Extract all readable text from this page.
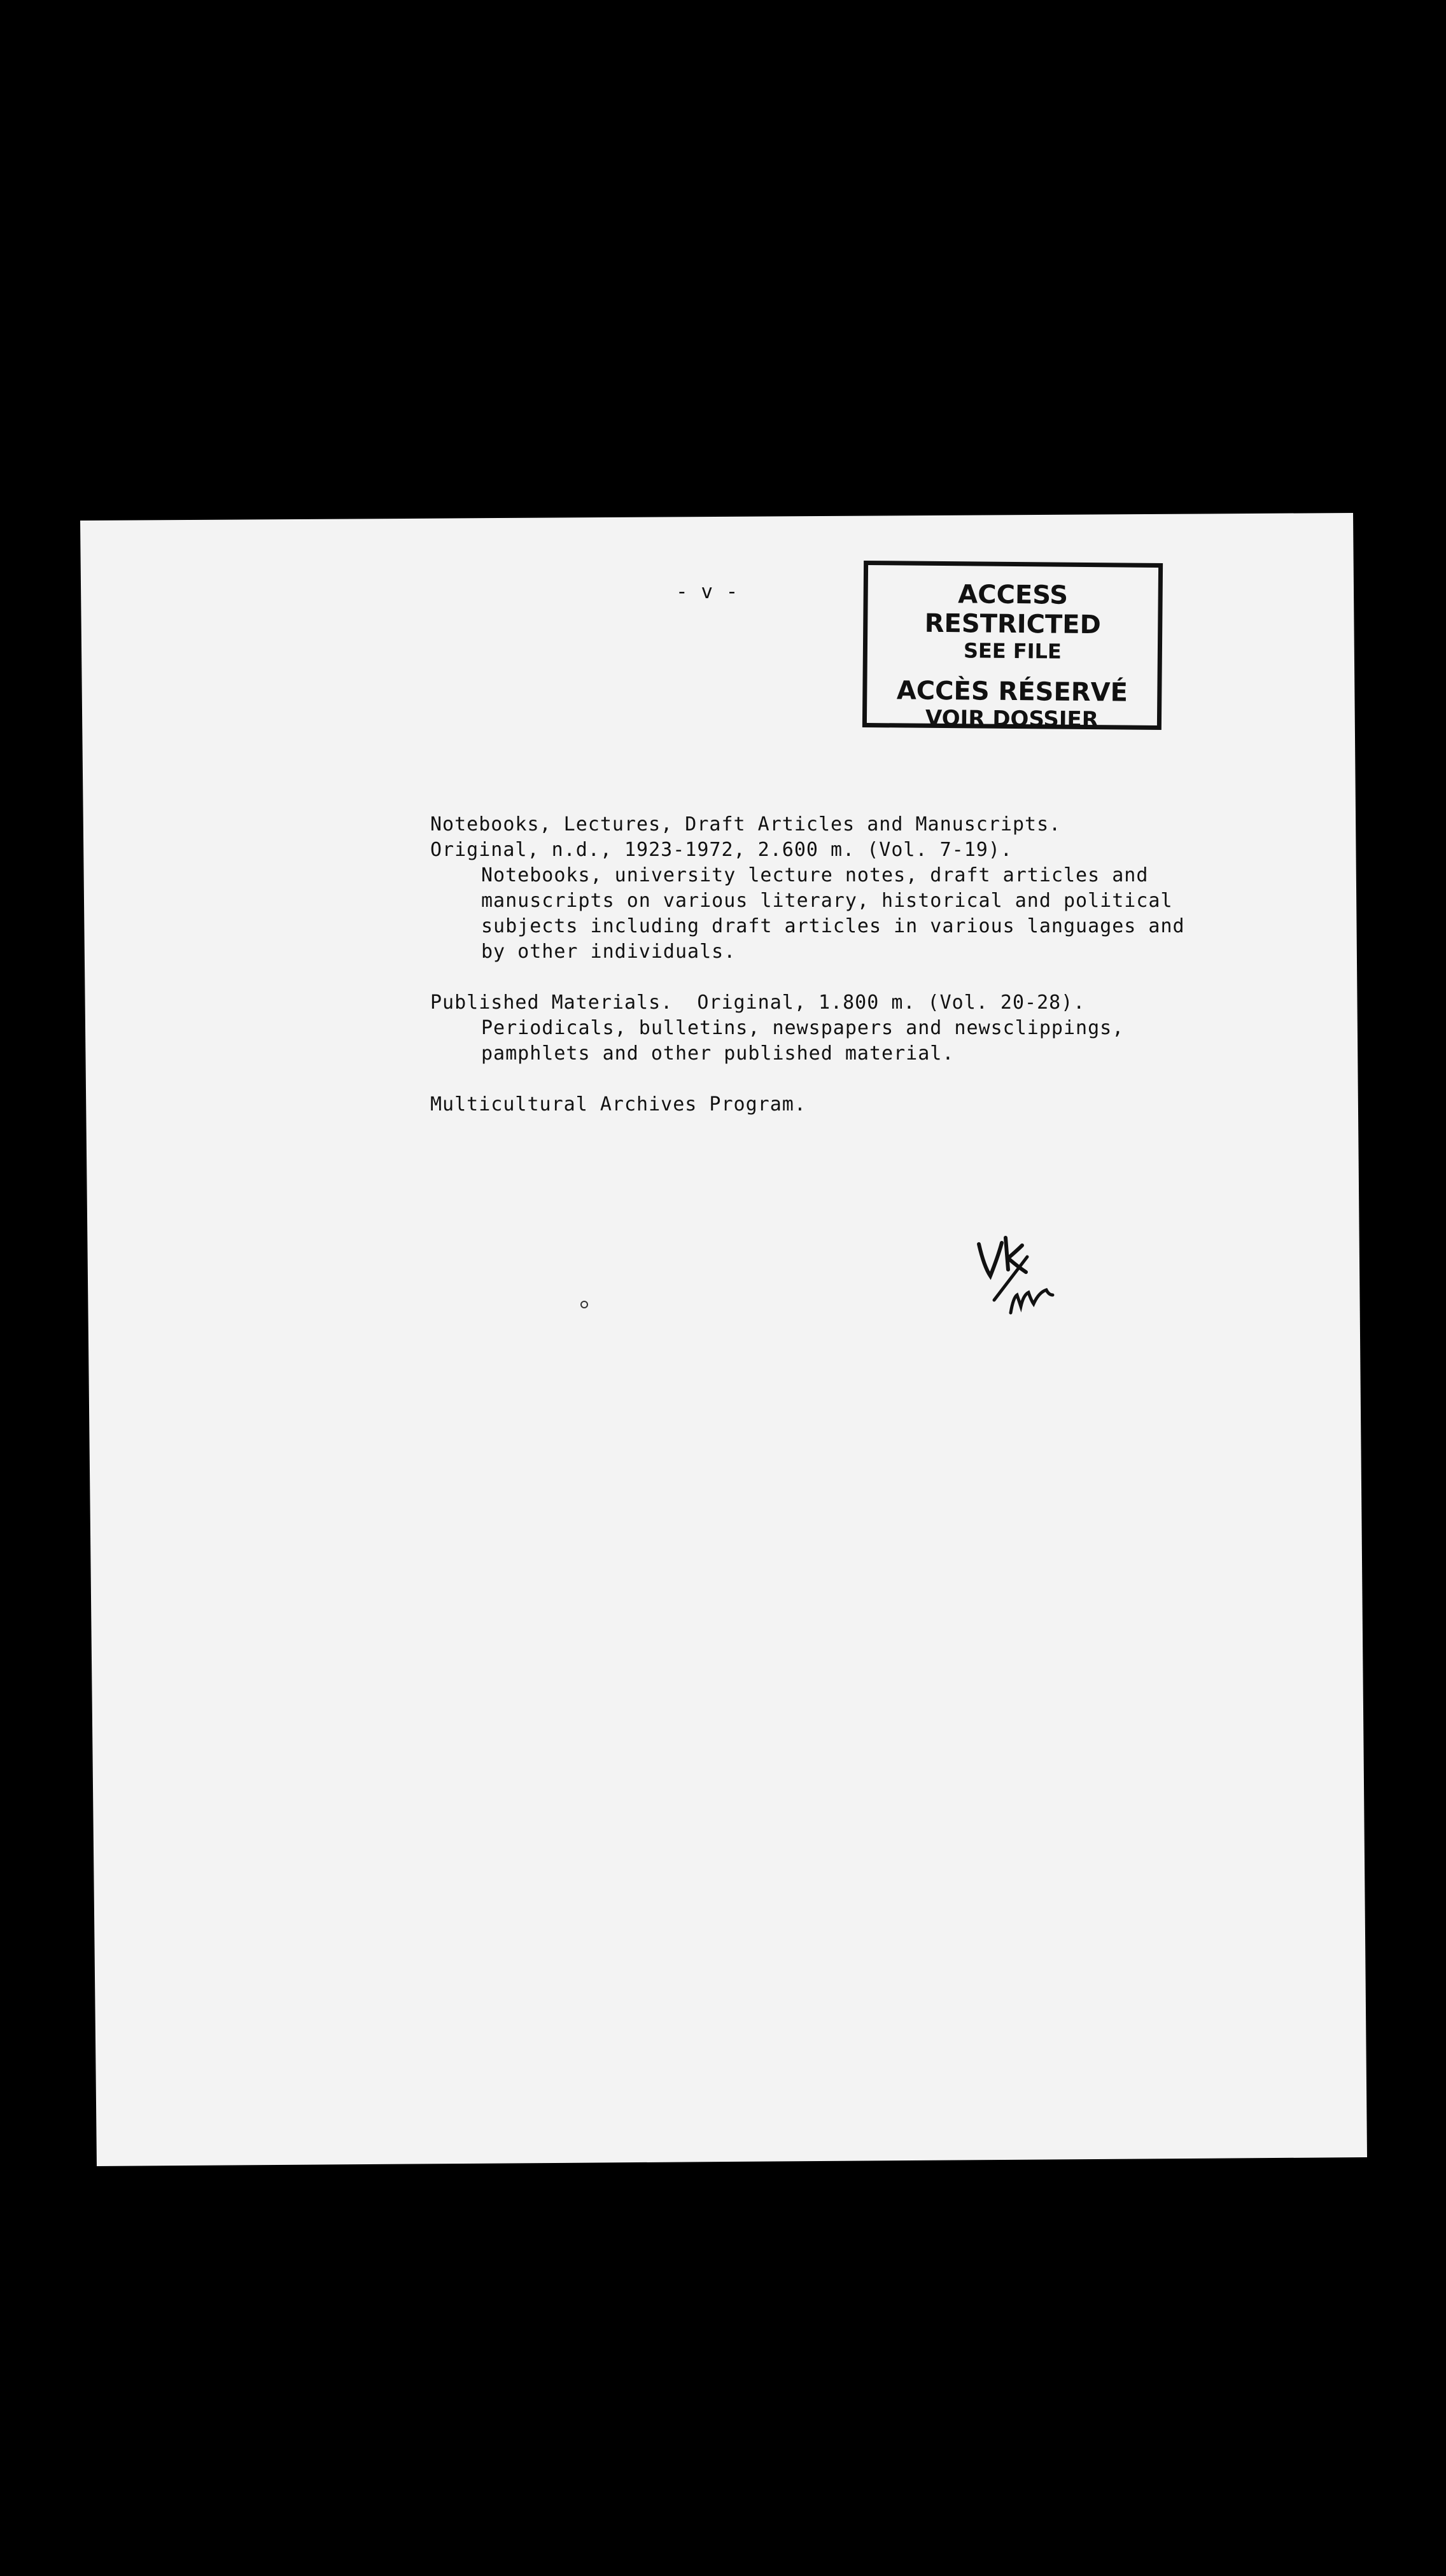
- v -	ACCESS RESTRICTED
SEE FILE
ACCÈS RÉSERVÉ
VOIR DOSSIER
Notebooks, Lectures, Draft Articles and Manuscripts.
Original, n.d., 1923-1972, 2.600 m. (Vol. 7-19).
Notebooks, university lecture notes, draft articles and
manuscripts on various literary, historical and political
subjects including draft articles in various languages and
by other individuals.
Published Materials.  Original, 1.800 m. (Vol. 20-28).
Periodicals, bulletins, newspapers and newsclippings,
pamphlets and other published material.
Multicultural Archives Program.
